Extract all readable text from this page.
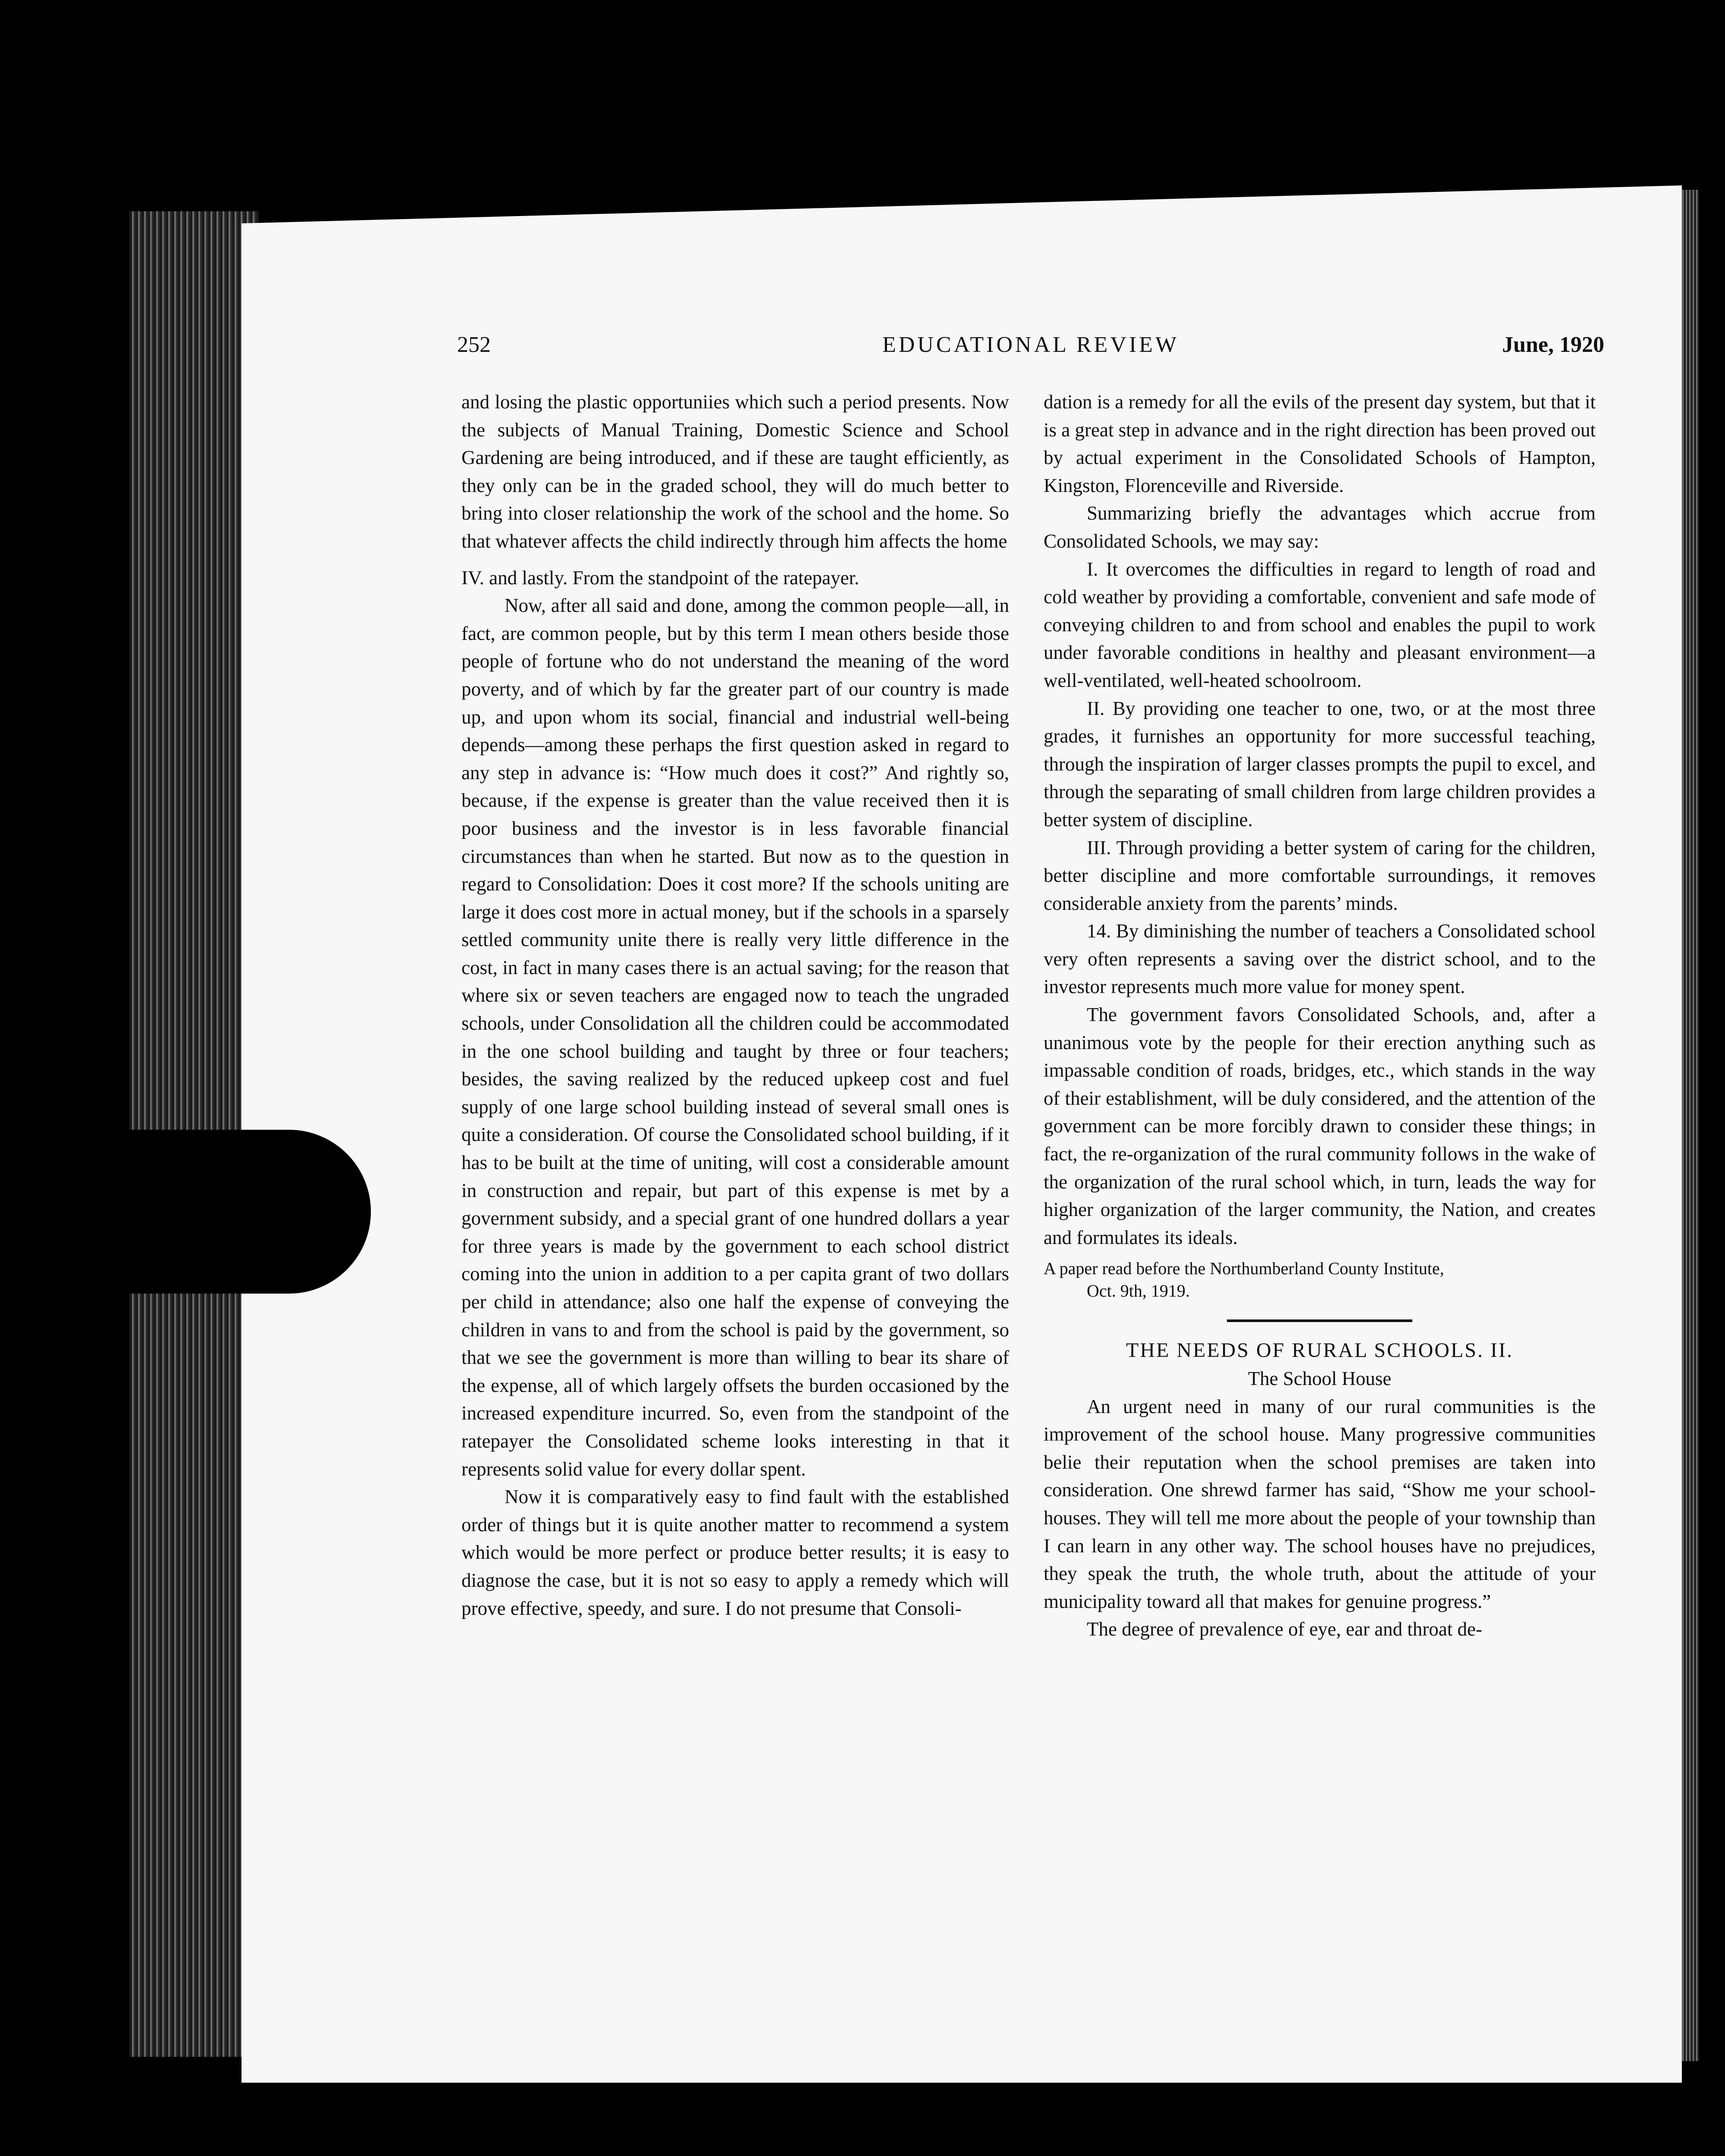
252	EDUCATIONAL REVIEW	June, 1920

and losing the plastic opportuniies which such a period presents. Now the subjects of Manual Training, Domestic Science and School Gardening are being introduced, and if these are taught efficiently, as they only can be in the graded school, they will do much better to bring into closer relationship the work of the school and the home. So that whatever affects the child indirectly through him affects the home

IV. and lastly. From the standpoint of the ratepayer.

Now, after all said and done, among the common people—all, in fact, are common people, but by this term I mean others beside those people of fortune who do not understand the meaning of the word poverty, and of which by far the greater part of our country is made up, and upon whom its social, financial and industrial well-being depends—among these perhaps the first question asked in regard to any step in advance is: “How much does it cost?” And rightly so, because, if the expense is greater than the value received then it is poor business and the investor is in less favorable financial circumstances than when he started. But now as to the question in regard to Consolidation: Does it cost more? If the schools uniting are large it does cost more in actual money, but if the schools in a sparsely settled community unite there is really very little difference in the cost, in fact in many cases there is an actual saving; for the reason that where six or seven teachers are engaged now to teach the ungraded schools, under Consolidation all the children could be accommodated in the one school building and taught by three or four teachers; besides, the saving realized by the reduced upkeep cost and fuel supply of one large school building instead of several small ones is quite a consideration. Of course the Consolidated school building, if it has to be built at the time of uniting, will cost a considerable amount in construction and repair, but part of this expense is met by a government subsidy, and a special grant of one hundred dollars a year for three years is made by the government to each school district coming into the union in addition to a per capita grant of two dollars per child in attendance; also one half the expense of conveying the children in vans to and from the school is paid by the government, so that we see the government is more than willing to bear its share of the expense, all of which largely offsets the burden occasioned by the increased expenditure incurred. So, even from the standpoint of the ratepayer the Consolidated scheme looks interesting in that it represents solid value for every dollar spent.

Now it is comparatively easy to find fault with the established order of things but it is quite another matter to recommend a system which would be more perfect or produce better results; it is easy to diagnose the case, but it is not so easy to apply a remedy which will prove effective, speedy, and sure. I do not presume that Consoli-

dation is a remedy for all the evils of the present day system, but that it is a great step in advance and in the right direction has been proved out by actual experiment in the Consolidated Schools of Hampton, Kingston, Florenceville and Riverside.

Summarizing briefly the advantages which accrue from Consolidated Schools, we may say:

I. It overcomes the difficulties in regard to length of road and cold weather by providing a comfortable, convenient and safe mode of conveying children to and from school and enables the pupil to work under favorable conditions in healthy and pleasant environment—a well-ventilated, well-heated schoolroom.

II. By providing one teacher to one, two, or at the most three grades, it furnishes an opportunity for more successful teaching, through the inspiration of larger classes prompts the pupil to excel, and through the separating of small children from large children provides a better system of discipline.

III. Through providing a better system of caring for the children, better discipline and more comfortable surroundings, it removes considerable anxiety from the parents’ minds.

14. By diminishing the number of teachers a Consolidated school very often represents a saving over the district school, and to the investor represents much more value for money spent.

The government favors Consolidated Schools, and, after a unanimous vote by the people for their erection anything such as impassable condition of roads, bridges, etc., which stands in the way of their establishment, will be duly considered, and the attention of the government can be more forcibly drawn to consider these things; in fact, the re-organization of the rural community follows in the wake of the organization of the rural school which, in turn, leads the way for higher organization of the larger community, the Nation, and creates and formulates its ideals.

A paper read before the Northumberland County Institute,
Oct. 9th, 1919.

THE NEEDS OF RURAL SCHOOLS. II.

The School House

An urgent need in many of our rural communities is the improvement of the school house. Many progressive communities belie their reputation when the school premises are taken into consideration. One shrewd farmer has said, “Show me your school-houses. They will tell me more about the people of your township than I can learn in any other way. The school houses have no prejudices, they speak the truth, the whole truth, about the attitude of your municipality toward all that makes for genuine progress.”

The degree of prevalence of eye, ear and throat de-
